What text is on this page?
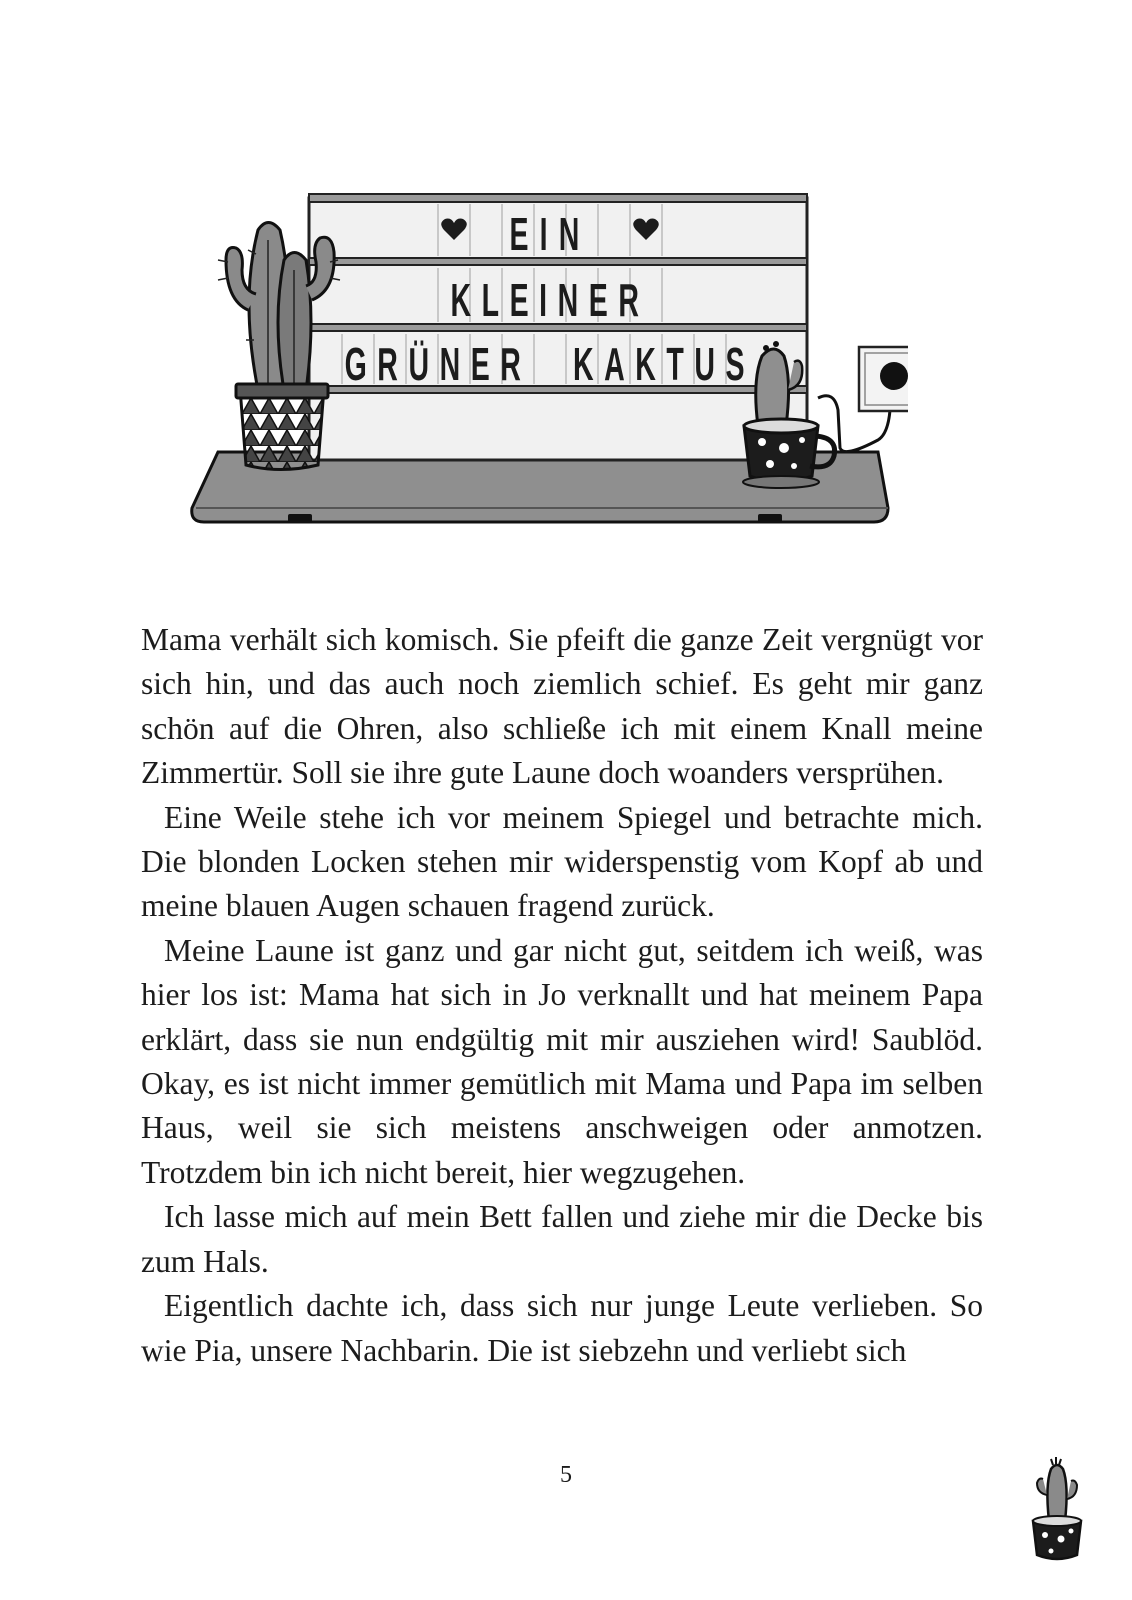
EIN
KLEINER
GRÜNER KAKTUS

Mama verhält sich komisch. Sie pfeift die ganze Zeit vergnügt vor sich hin, und das auch noch ziemlich schief. Es geht mir ganz schön auf die Ohren, also schließe ich mit einem Knall meine Zimmertür. Soll sie ihre gute Laune doch woanders versprühen.

Eine Weile stehe ich vor meinem Spiegel und betrachte mich. Die blonden Locken stehen mir widerspenstig vom Kopf ab und meine blauen Augen schauen fragend zurück.

Meine Laune ist ganz und gar nicht gut, seitdem ich weiß, was hier los ist: Mama hat sich in Jo verknallt und hat meinem Papa erklärt, dass sie nun endgültig mit mir ausziehen wird! Saublöd. Okay, es ist nicht immer gemütlich mit Mama und Papa im selben Haus, weil sie sich meistens anschweigen oder anmotzen. Trotzdem bin ich nicht bereit, hier wegzugehen.

Ich lasse mich auf mein Bett fallen und ziehe mir die Decke bis zum Hals.

Eigentlich dachte ich, dass sich nur junge Leute verlieben. So wie Pia, unsere Nachbarin. Die ist siebzehn und verliebt sich

5
